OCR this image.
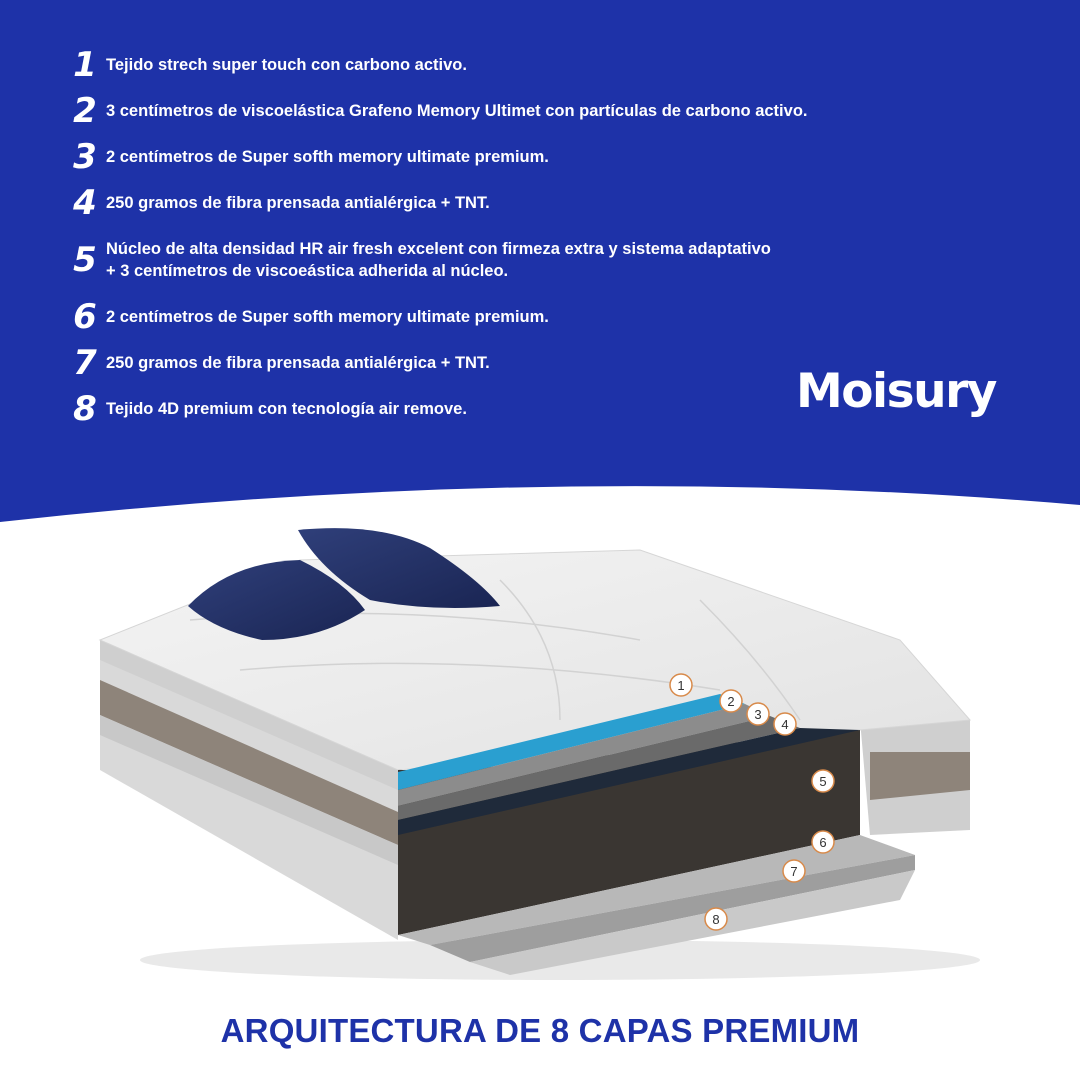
1 Tejido strech super touch con carbono activo.
2 3 centímetros de viscoelástica Grafeno Memory Ultimet con partículas de carbono activo.
3 2 centímetros de Super softh memory ultimate premium.
4 250 gramos de fibra prensada antialérgica + TNT.
5 Núcleo de alta densidad HR air fresh excelent con firmeza extra y sistema adaptativo
+ 3 centímetros de viscoeástica adherida al núcleo.
6 2 centímetros de Super softh memory ultimate premium.
7 250 gramos de fibra prensada antialérgica + TNT.
8 Tejido 4D premium con tecnología air remove.	Moisury
1
2
3
4
5
6
7
8
ARQUITECTURA DE 8 CAPAS PREMIUM
